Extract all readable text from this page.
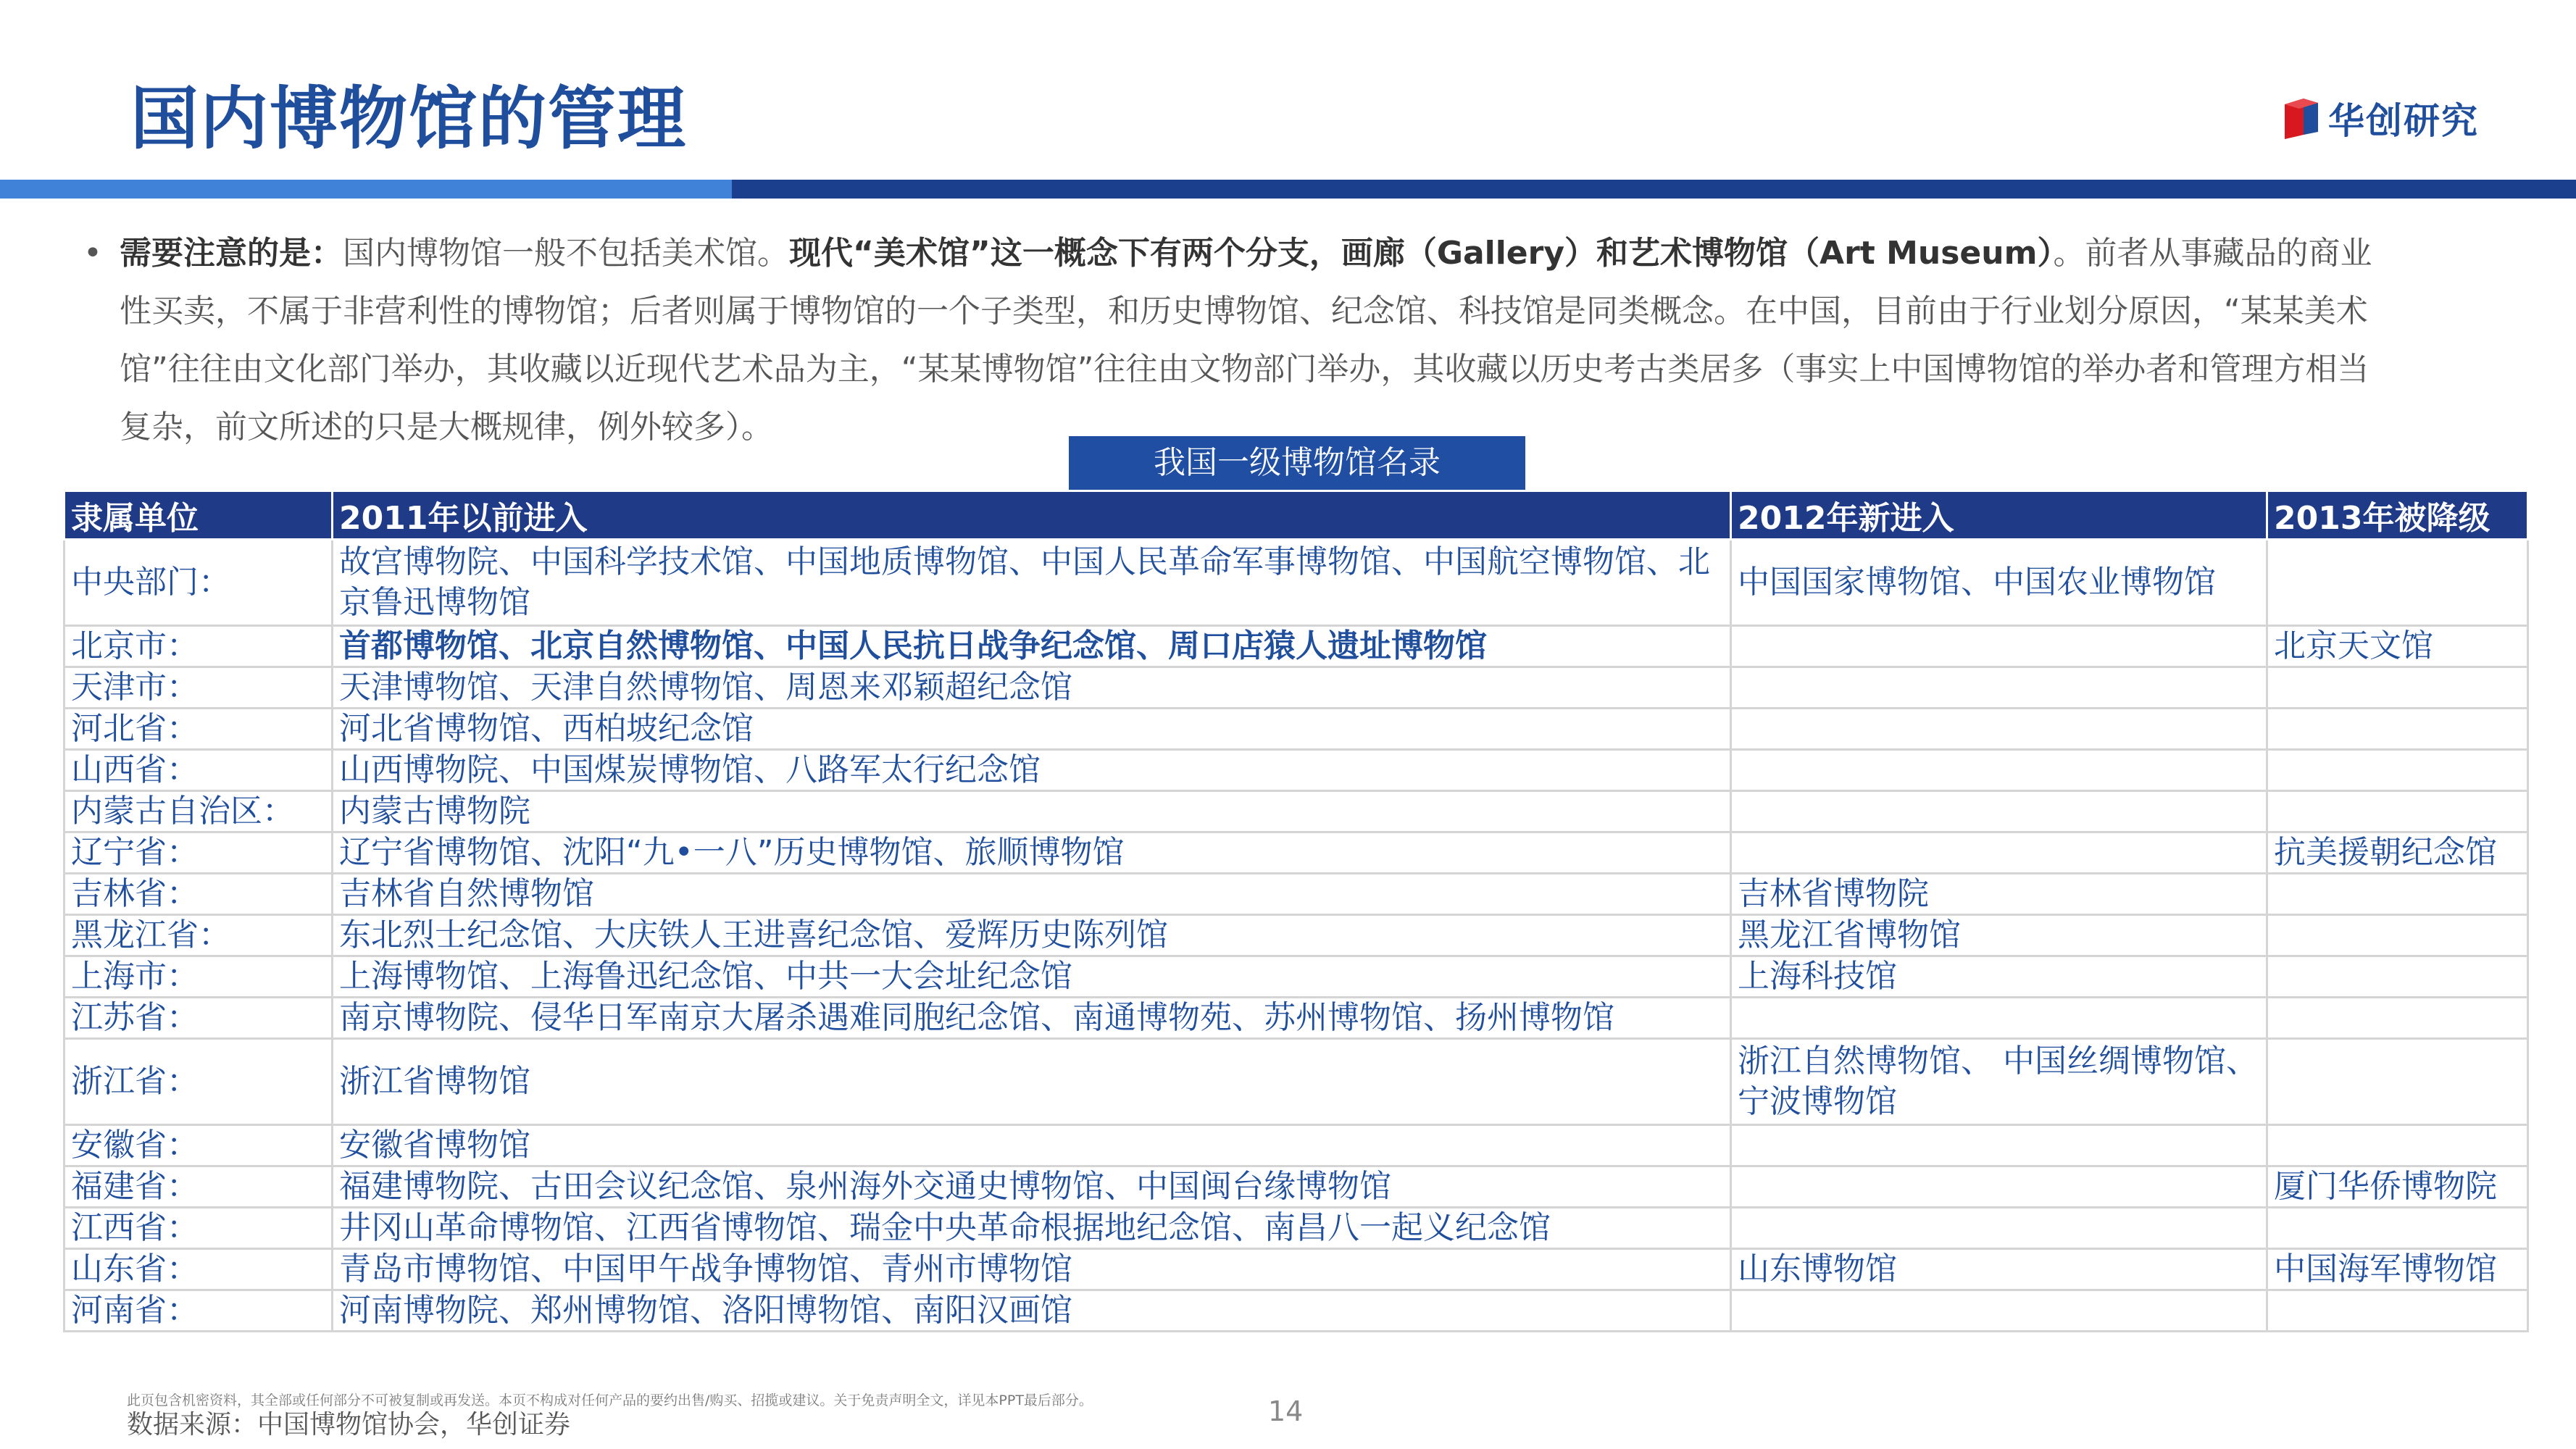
国内博物馆的管理	华创研究
• 需要注意的是：国内博物馆一般不包括美术馆。现代“美术馆”这一概念下有两个分支，画廊（Gallery）和艺术博物馆（Art Museum）。前者从事藏品的商业性买卖，不属于非营利性的博物馆；后者则属于博物馆的一个子类型，和历史博物馆、纪念馆、科技馆是同类概念。在中国，目前由于行业划分原因，“某某美术馆”往往由文化部门举办，其收藏以近现代艺术品为主，“某某博物馆”往往由文物部门举办，其收藏以历史考古类居多（事实上中国博物馆的举办者和管理方相当复杂，前文所述的只是大概规律，例外较多）。
我国一级博物馆名录
隶属单位	2011年以前进入	2012年新进入	2013年被降级
中央部门：	故宫博物院、中国科学技术馆、中国地质博物馆、中国人民革命军事博物馆、中国航空博物馆、北京鲁迅博物馆	中国国家博物馆、中国农业博物馆	
北京市：	首都博物馆、北京自然博物馆、中国人民抗日战争纪念馆、周口店猿人遗址博物馆		北京天文馆
天津市：	天津博物馆、天津自然博物馆、周恩来邓颖超纪念馆		
河北省：	河北省博物馆、西柏坡纪念馆		
山西省：	山西博物院、中国煤炭博物馆、八路军太行纪念馆		
内蒙古自治区：	内蒙古博物院		
辽宁省：	辽宁省博物馆、沈阳“九•一八”历史博物馆、旅顺博物馆		抗美援朝纪念馆
吉林省：	吉林省自然博物馆	吉林省博物院	
黑龙江省：	东北烈士纪念馆、大庆铁人王进喜纪念馆、爱辉历史陈列馆	黑龙江省博物馆	
上海市：	上海博物馆、上海鲁迅纪念馆、中共一大会址纪念馆	上海科技馆	
江苏省：	南京博物院、侵华日军南京大屠杀遇难同胞纪念馆、南通博物苑、苏州博物馆、扬州博物馆		
浙江省：	浙江省博物馆	浙江自然博物馆、 中国丝绸博物馆、宁波博物馆	
安徽省：	安徽省博物馆		
福建省：	福建博物院、古田会议纪念馆、泉州海外交通史博物馆、中国闽台缘博物馆		厦门华侨博物院
江西省：	井冈山革命博物馆、江西省博物馆、瑞金中央革命根据地纪念馆、南昌八一起义纪念馆		
山东省：	青岛市博物馆、中国甲午战争博物馆、青州市博物馆	山东博物馆	中国海军博物馆
河南省：	河南博物院、郑州博物馆、洛阳博物馆、南阳汉画馆		
此页包含机密资料，其全部或任何部分不可被复制或再发送。本页不构成对任何产品的要约出售/购买、招揽或建议。关于免责声明全文，详见本PPT最后部分。
数据来源：中国博物馆协会，华创证券	14
